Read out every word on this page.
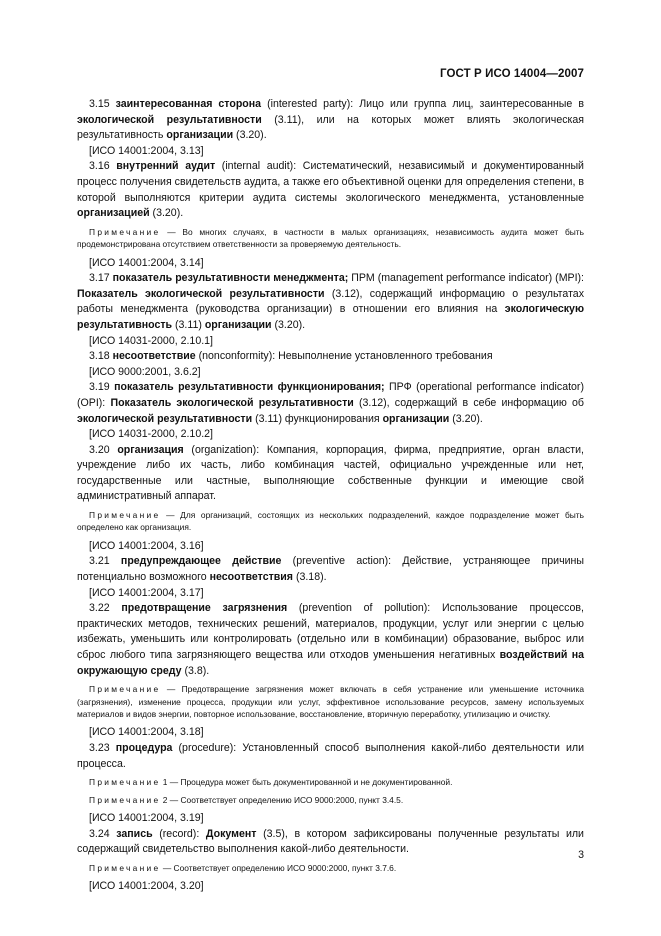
ГОСТ Р ИСО 14004—2007

3.15 заинтересованная сторона (interested party): Лицо или группа лиц, заинтересованные в экологической результативности (3.11), или на которых может влиять экологическая результативность организации (3.20).

[ИСО 14001:2004, 3.13]

3.16 внутренний аудит (internal audit): Систематический, независимый и документированный процесс получения свидетельств аудита, а также его объективной оценки для определения степени, в которой выполняются критерии аудита системы экологического менеджмента, установленные организацией (3.20).

Примечание — Во многих случаях, в частности в малых организациях, независимость аудита может быть продемонстрирована отсутствием ответственности за проверяемую деятельность.

[ИСО 14001:2004, 3.14]

3.17 показатель результативности менеджмента; ПРМ (management performance indicator) (MPI): Показатель экологической результативности (3.12), содержащий информацию о результатах работы менеджмента (руководства организации) в отношении его влияния на экологическую результативность (3.11) организации (3.20).

[ИСО 14031-2000, 2.10.1]

3.18 несоответствие (nonconformity): Невыполнение установленного требования

[ИСО 9000:2001, 3.6.2]

3.19 показатель результативности функционирования; ПРФ (operational performance indicator)(OPI): Показатель экологической результативности (3.12), содержащий в себе информацию об экологической результативности (3.11) функционирования организации (3.20).

[ИСО 14031-2000, 2.10.2]

3.20 организация (organization): Компания, корпорация, фирма, предприятие, орган власти, учреждение либо их часть, либо комбинация частей, официально учрежденные или нет, государственные или частные, выполняющие собственные функции и имеющие свой административный аппарат.

Примечание — Для организаций, состоящих из нескольких подразделений, каждое подразделение может быть определено как организация.

[ИСО 14001:2004, 3.16]

3.21 предупреждающее действие (preventive action): Действие, устраняющее причины потенциально возможного несоответствия (3.18).

[ИСО 14001:2004, 3.17]

3.22 предотвращение загрязнения (prevention of pollution): Использование процессов, практических методов, технических решений, материалов, продукции, услуг или энергии с целью избежать, уменьшить или контролировать (отдельно или в комбинации) образование, выброс или сброс любого типа загрязняющего вещества или отходов уменьшения негативных воздействий на окружающую среду (3.8).

Примечание — Предотвращение загрязнения может включать в себя устранение или уменьшение источника (загрязнения), изменение процесса, продукции или услуг, эффективное использование ресурсов, замену используемых материалов и видов энергии, повторное использование, восстановление, вторичную переработку, утилизацию и очистку.

[ИСО 14001:2004, 3.18]

3.23 процедура (procedure): Установленный способ выполнения какой-либо деятельности или процесса.

Примечание 1 — Процедура может быть документированной и не документированной.

Примечание 2 — Соответствует определению ИСО 9000:2000, пункт 3.4.5.

[ИСО 14001:2004, 3.19]

3.24 запись (record): Документ (3.5), в котором зафиксированы полученные результаты или содержащий свидетельство выполнения какой-либо деятельности.

Примечание — Соответствует определению ИСО 9000:2000, пункт 3.7.6.

[ИСО 14001:2004, 3.20]

3
